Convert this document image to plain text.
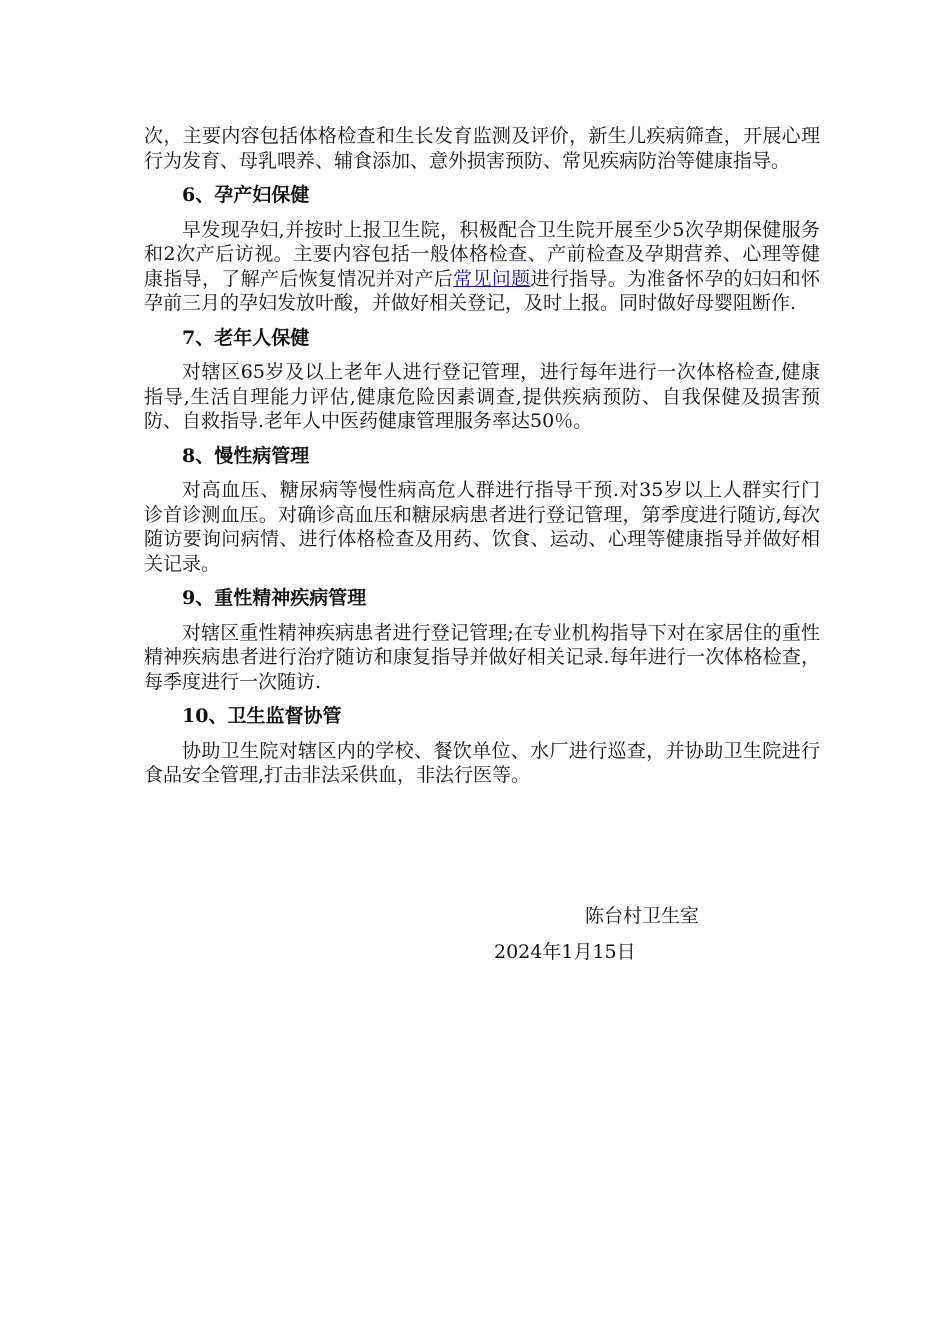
次，主要内容包括体格检查和生长发育监测及评价，新生儿疾病筛查，开展心理行为发育、母乳喂养、辅食添加、意外损害预防、常见疾病防治等健康指导。

6、孕产妇保健

早发现孕妇,并按时上报卫生院，积极配合卫生院开展至少5次孕期保健服务和2次产后访视。主要内容包括一般体格检查、产前检查及孕期营养、心理等健康指导，了解产后恢复情况并对产后常见问题进行指导。为准备怀孕的妇妇和怀孕前三月的孕妇发放叶酸，并做好相关登记，及时上报。同时做好母婴阻断作.

7、老年人保健

对辖区65岁及以上老年人进行登记管理，进行每年进行一次体格检查,健康指导,生活自理能力评估,健康危险因素调查,提供疾病预防、自我保健及损害预防、自救指导.老年人中医药健康管理服务率达50％。

8、慢性病管理

对高血压、糖尿病等慢性病高危人群进行指导干预.对35岁以上人群实行门诊首诊测血压。对确诊高血压和糖尿病患者进行登记管理，第季度进行随访,每次随访要询问病情、进行体格检查及用药、饮食、运动、心理等健康指导并做好相关记录。

9、重性精神疾病管理

对辖区重性精神疾病患者进行登记管理;在专业机构指导下对在家居住的重性精神疾病患者进行治疗随访和康复指导并做好相关记录.每年进行一次体格检查，每季度进行一次随访.

10、卫生监督协管

协助卫生院对辖区内的学校、餐饮单位、水厂进行巡查，并协助卫生院进行食品安全管理,打击非法采供血，非法行医等。

陈台村卫生室
2024年1月15日
